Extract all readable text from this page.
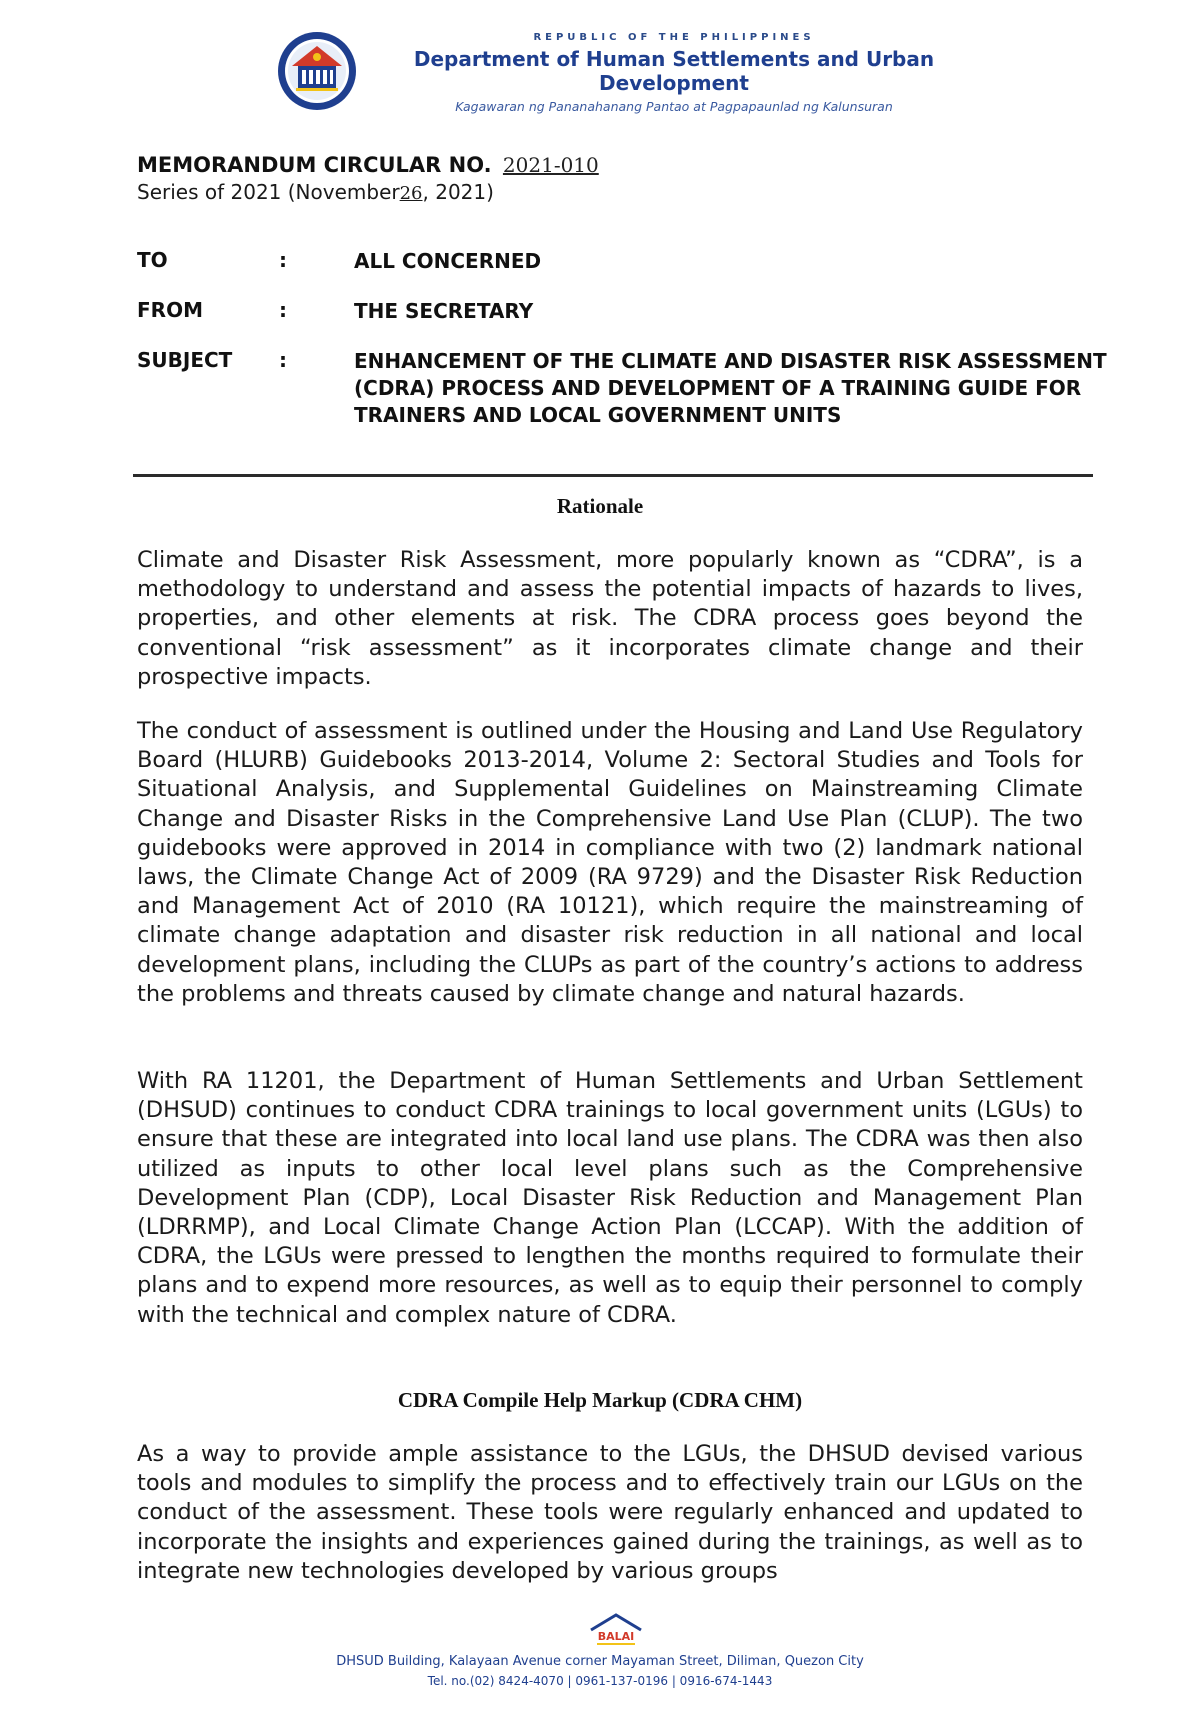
REPUBLIC OF THE PHILIPPINES
Department of Human Settlements and Urban Development
Kagawaran ng Pananahanang Pantao at Pagpapaunlad ng Kalunsuran
MEMORANDUM CIRCULAR NO. 2021-010
Series of 2021 (November26, 2021)
TO	:	ALL CONCERNED
FROM	:	THE SECRETARY
SUBJECT	:	ENHANCEMENT OF THE CLIMATE AND DISASTER RISK ASSESSMENT (CDRA) PROCESS AND DEVELOPMENT OF A TRAINING GUIDE FOR TRAINERS AND LOCAL GOVERNMENT UNITS
Rationale

Climate and Disaster Risk Assessment, more popularly known as “CDRA”, is a methodology to understand and assess the potential impacts of hazards to lives, properties, and other elements at risk. The CDRA process goes beyond the conventional “risk assessment” as it incorporates climate change and their prospective impacts.

The conduct of assessment is outlined under the Housing and Land Use Regulatory Board (HLURB) Guidebooks 2013-2014, Volume 2: Sectoral Studies and Tools for Situational Analysis, and Supplemental Guidelines on Mainstreaming Climate Change and Disaster Risks in the Comprehensive Land Use Plan (CLUP). The two guidebooks were approved in 2014 in compliance with two (2) landmark national laws, the Climate Change Act of 2009 (RA 9729) and the Disaster Risk Reduction and Management Act of 2010 (RA 10121), which require the mainstreaming of climate change adaptation and disaster risk reduction in all national and local development plans, including the CLUPs as part of the country’s actions to address the problems and threats caused by climate change and natural hazards.

With RA 11201, the Department of Human Settlements and Urban Settlement (DHSUD) continues to conduct CDRA trainings to local government units (LGUs) to ensure that these are integrated into local land use plans. The CDRA was then also utilized as inputs to other local level plans such as the Comprehensive Development Plan (CDP), Local Disaster Risk Reduction and Management Plan (LDRRMP), and Local Climate Change Action Plan (LCCAP). With the addition of CDRA, the LGUs were pressed to lengthen the months required to formulate their plans and to expend more resources, as well as to equip their personnel to comply with the technical and complex nature of CDRA.

CDRA Compile Help Markup (CDRA CHM)

As a way to provide ample assistance to the LGUs, the DHSUD devised various tools and modules to simplify the process and to effectively train our LGUs on the conduct of the assessment. These tools were regularly enhanced and updated to incorporate the insights and experiences gained during the trainings, as well as to integrate new technologies developed by various groups

BALAI
DHSUD Building, Kalayaan Avenue corner Mayaman Street, Diliman, Quezon City
Tel. no.(02) 8424-4070 | 0961-137-0196 | 0916-674-1443
